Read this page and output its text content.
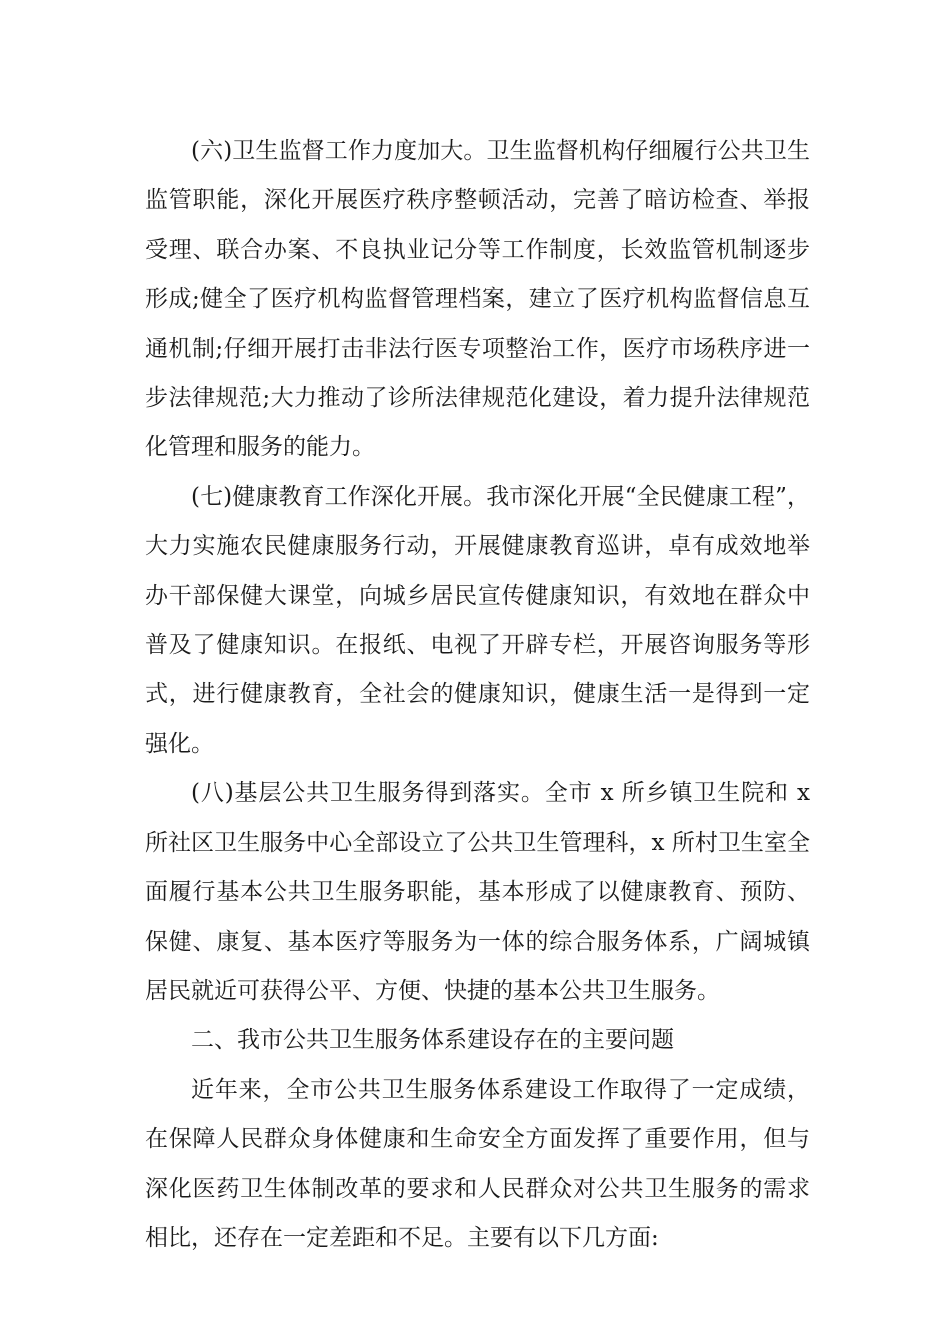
(六)卫生监督工作力度加大。卫生监督机构仔细履行公共卫生监管职能，深化开展医疗秩序整顿活动，完善了暗访检查、举报受理、联合办案、不良执业记分等工作制度，长效监管机制逐步形成;健全了医疗机构监督管理档案，建立了医疗机构监督信息互通机制;仔细开展打击非法行医专项整治工作，医疗市场秩序进一步法律规范;大力推动了诊所法律规范化建设，着力提升法律规范化管理和服务的能力。

(七)健康教育工作深化开展。我市深化开展“全民健康工程”，大力实施农民健康服务行动，开展健康教育巡讲，卓有成效地举办干部保健大课堂，向城乡居民宣传健康知识，有效地在群众中普及了健康知识。在报纸、电视了开辟专栏，开展咨询服务等形式，进行健康教育，全社会的健康知识，健康生活一是得到一定强化。

(八)基层公共卫生服务得到落实。全市 x 所乡镇卫生院和 x 所社区卫生服务中心全部设立了公共卫生管理科，x 所村卫生室全面履行基本公共卫生服务职能，基本形成了以健康教育、预防、保健、康复、基本医疗等服务为一体的综合服务体系，广阔城镇居民就近可获得公平、方便、快捷的基本公共卫生服务。

二、我市公共卫生服务体系建设存在的主要问题

近年来，全市公共卫生服务体系建设工作取得了一定成绩，在保障人民群众身体健康和生命安全方面发挥了重要作用，但与深化医药卫生体制改革的要求和人民群众对公共卫生服务的需求相比，还存在一定差距和不足。主要有以下几方面:
